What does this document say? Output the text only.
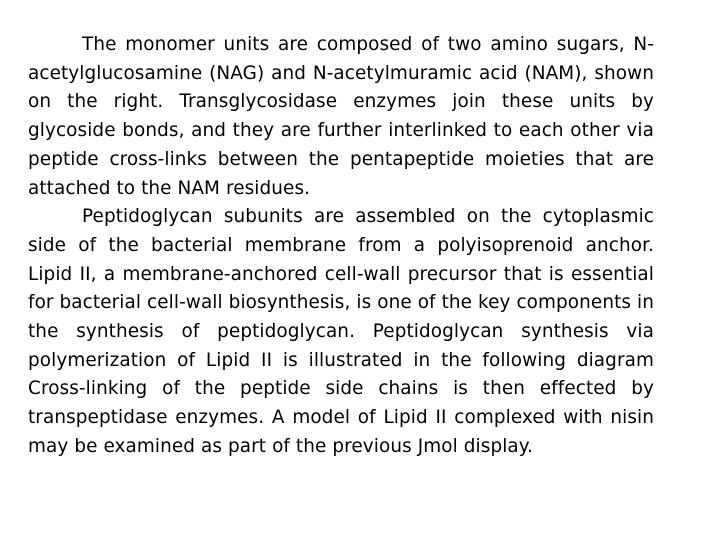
The monomer units are composed of two amino sugars, N-acetylglucosamine (NAG) and N-acetylmuramic acid (NAM), shown on the right. Transglycosidase enzymes join these units by glycoside bonds, and they are further interlinked to each other via peptide cross-links between the pentapeptide moieties that are attached to the NAM residues.

Peptidoglycan subunits are assembled on the cytoplasmic side of the bacterial membrane from a polyisoprenoid anchor. Lipid II, a membrane-anchored cell-wall precursor that is essential for bacterial cell-wall biosynthesis, is one of the key components in the synthesis of peptidoglycan. Peptidoglycan synthesis via polymerization of Lipid II is illustrated in the following diagram Cross-linking of the peptide side chains is then effected by transpeptidase enzymes. A model of Lipid II complexed with nisin may be examined as part of the previous Jmol display.
